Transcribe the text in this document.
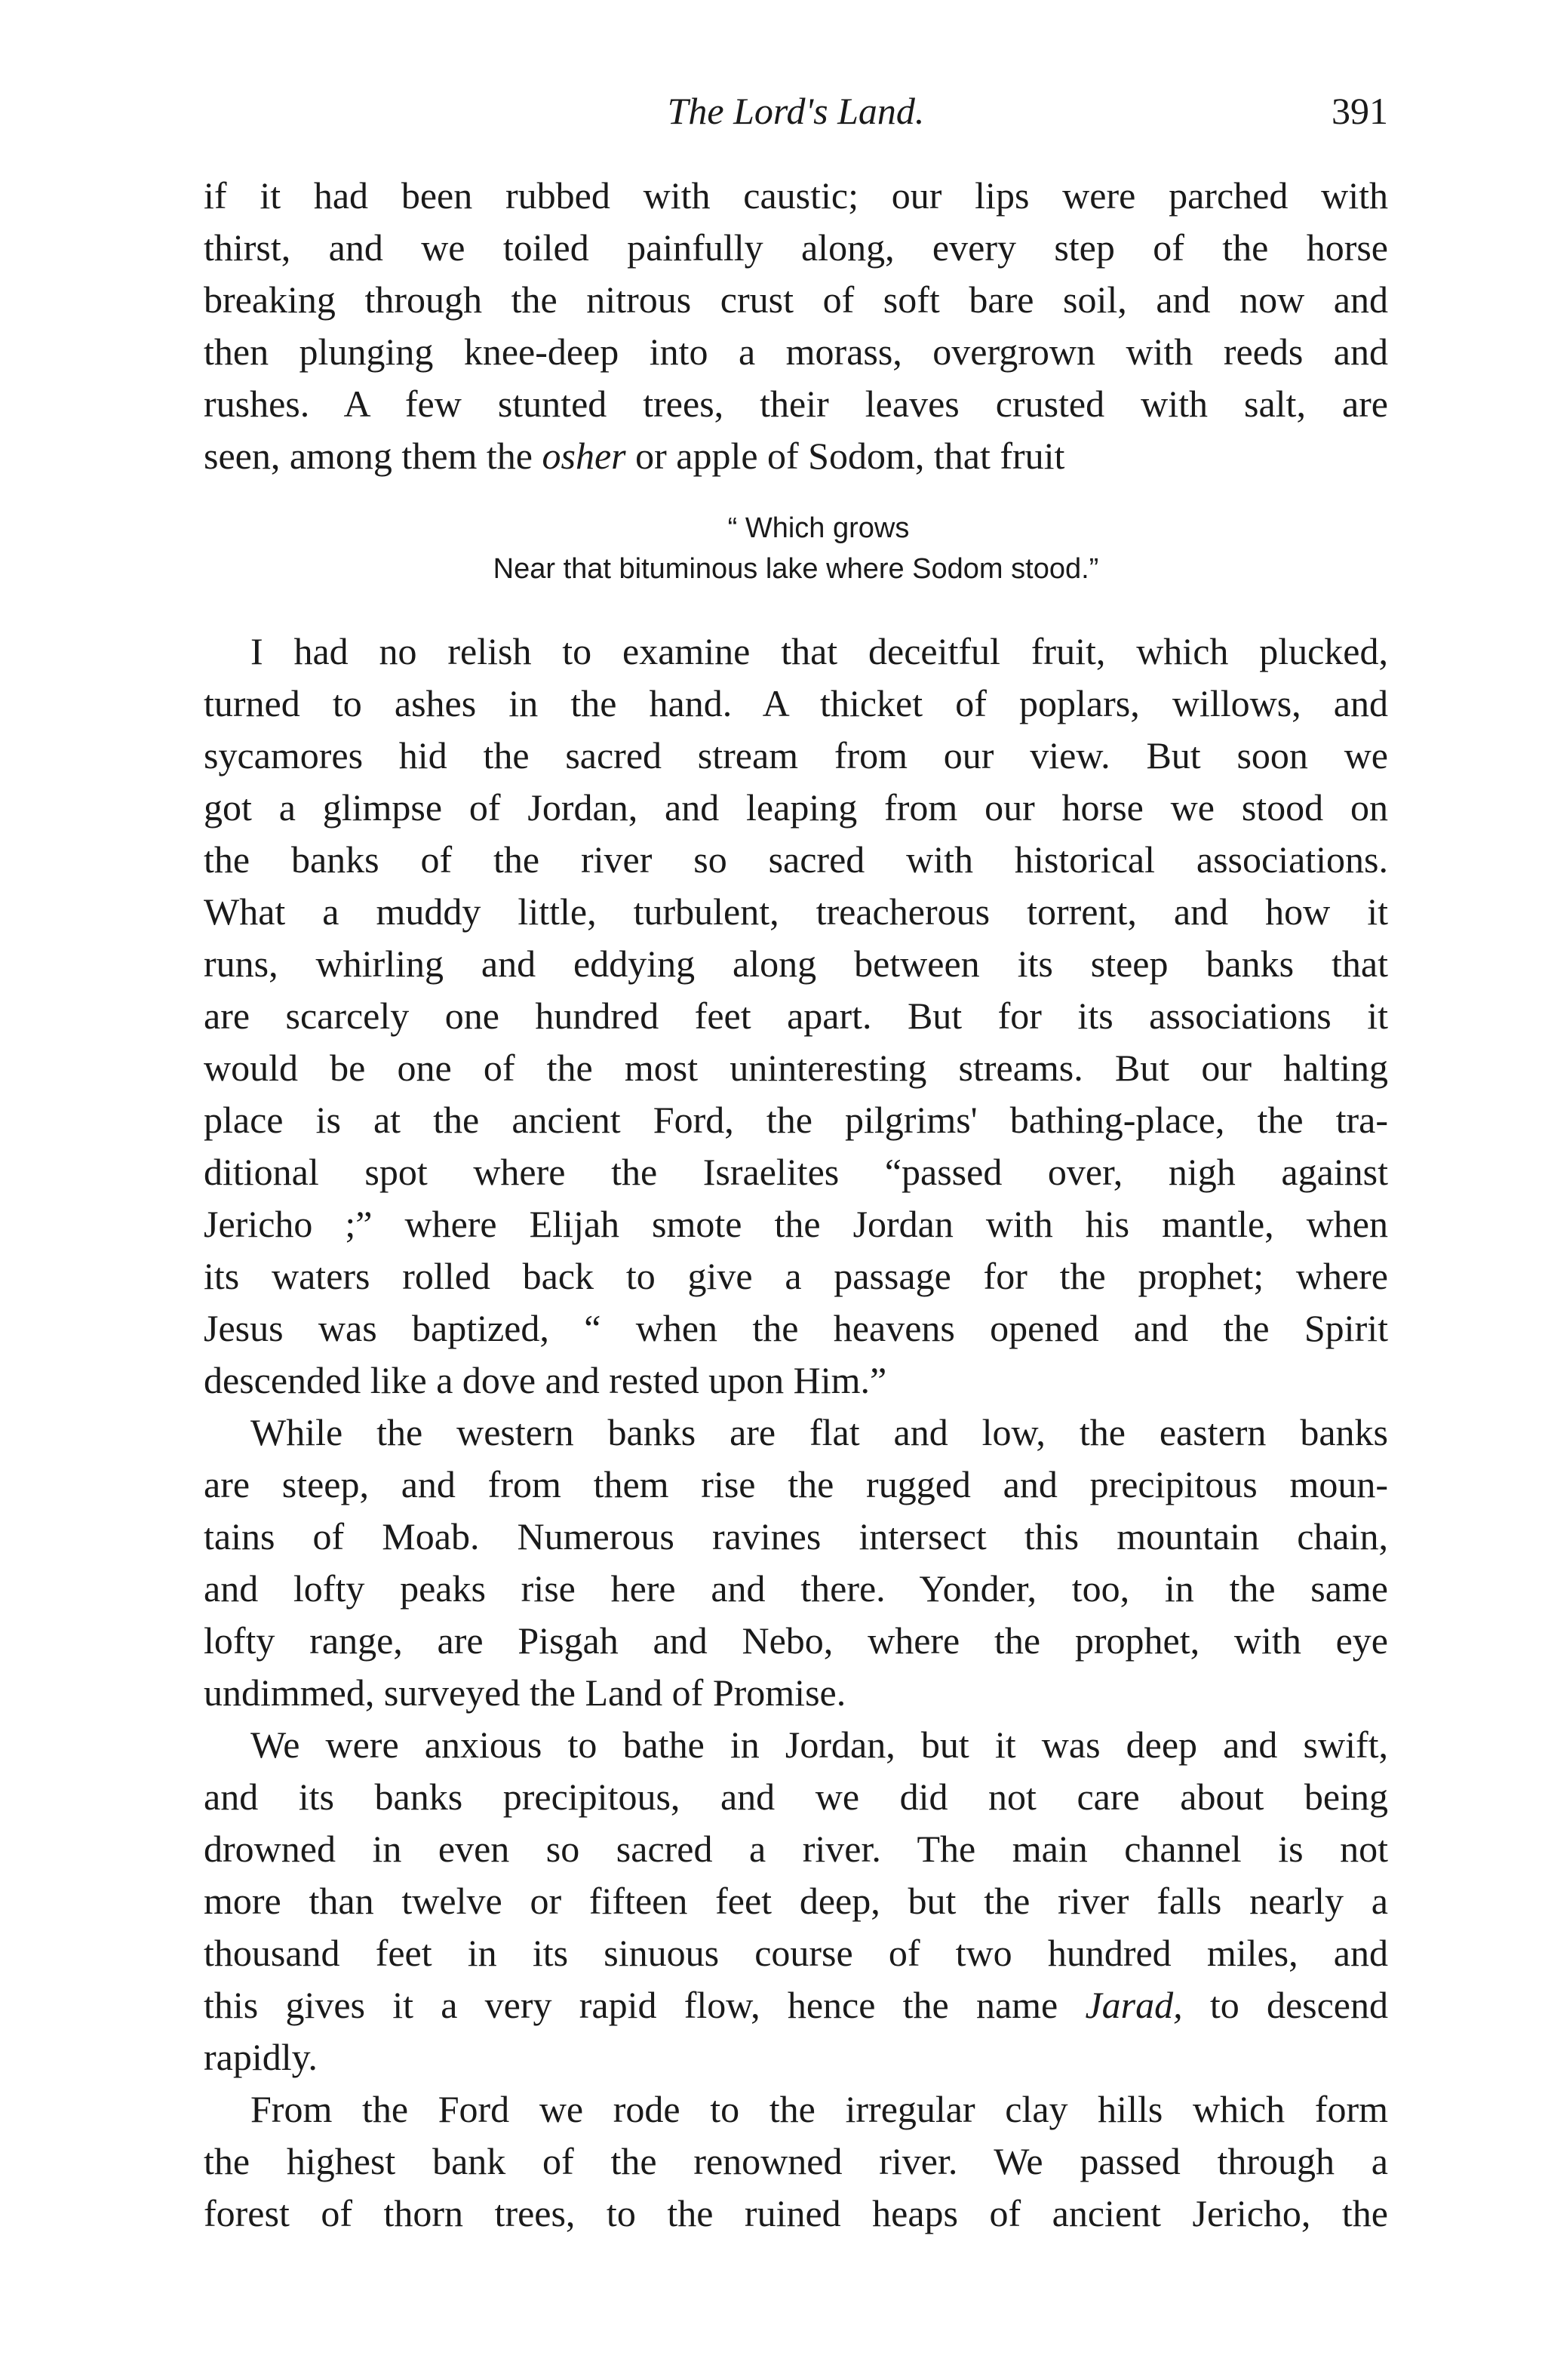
The Lord's Land.	391
if it had been rubbed with caustic; our lips were parched with
thirst, and we toiled painfully along, every step of the horse
breaking through the nitrous crust of soft bare soil, and now and
then plunging knee-deep into a morass, overgrown with reeds and
rushes. A few stunted trees, their leaves crusted with salt, are
seen, among them the osher or apple of Sodom, that fruit
“ Which grows
Near that bituminous lake where Sodom stood.”
I had no relish to examine that deceitful fruit, which plucked,
turned to ashes in the hand. A thicket of poplars, willows, and
sycamores hid the sacred stream from our view. But soon we
got a glimpse of Jordan, and leaping from our horse we stood on
the banks of the river so sacred with historical associations.
What a muddy little, turbulent, treacherous torrent, and how it
runs, whirling and eddying along between its steep banks that
are scarcely one hundred feet apart. But for its associations it
would be one of the most uninteresting streams. But our halting
place is at the ancient Ford, the pilgrims' bathing-place, the tra-
ditional spot where the Israelites “passed over, nigh against
Jericho ;” where Elijah smote the Jordan with his mantle, when
its waters rolled back to give a passage for the prophet; where
Jesus was baptized, “ when the heavens opened and the Spirit
descended like a dove and rested upon Him.”
While the western banks are flat and low, the eastern banks
are steep, and from them rise the rugged and precipitous moun-
tains of Moab. Numerous ravines intersect this mountain chain,
and lofty peaks rise here and there. Yonder, too, in the same
lofty range, are Pisgah and Nebo, where the prophet, with eye
undimmed, surveyed the Land of Promise.
We were anxious to bathe in Jordan, but it was deep and swift,
and its banks precipitous, and we did not care about being
drowned in even so sacred a river. The main channel is not
more than twelve or fifteen feet deep, but the river falls nearly a
thousand feet in its sinuous course of two hundred miles, and
this gives it a very rapid flow, hence the name Jarad, to descend
rapidly.
From the Ford we rode to the irregular clay hills which form
the highest bank of the renowned river. We passed through a
forest of thorn trees, to the ruined heaps of ancient Jericho, the
